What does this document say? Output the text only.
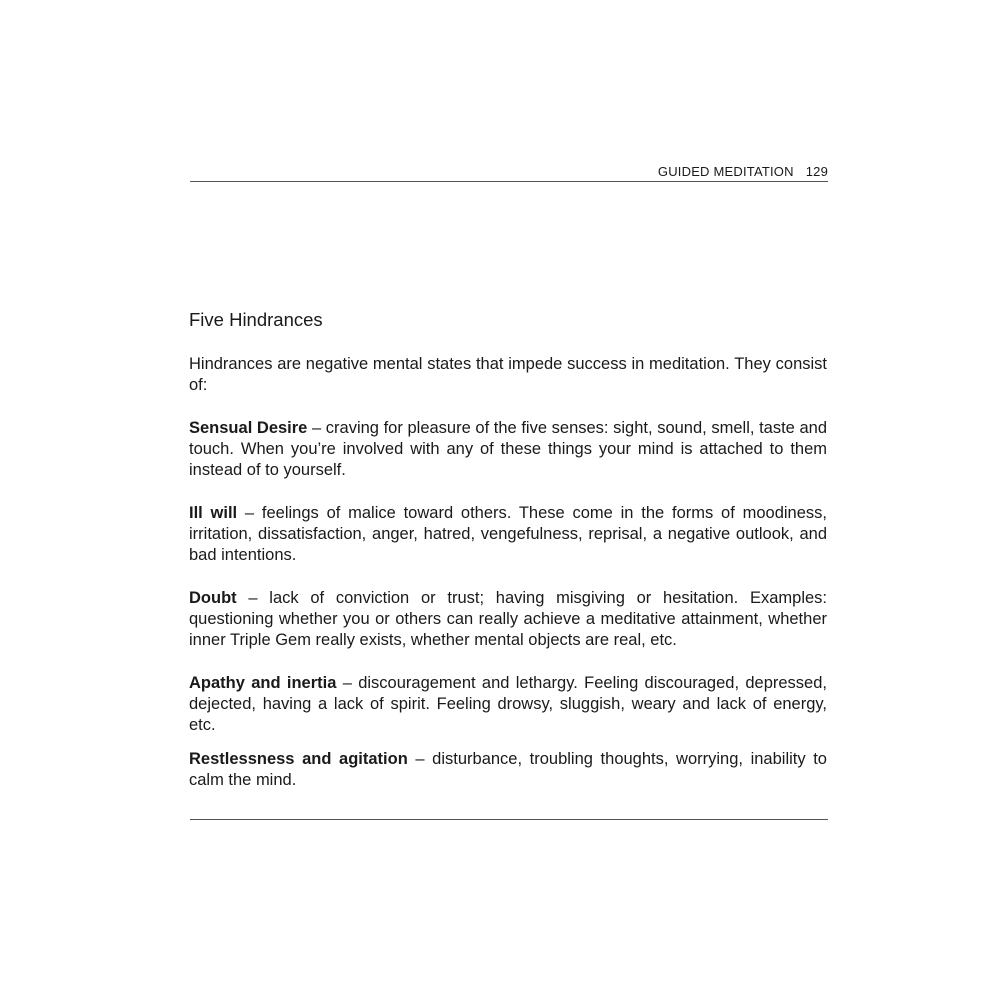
GUIDED MEDITATION 129
Five Hindrances

Hindrances are negative mental states that impede success in meditation. They consist of:

Sensual Desire – craving for pleasure of the five senses: sight, sound, smell, taste and touch. When you’re involved with any of these things your mind is attached to them instead of to yourself.

Ill will – feelings of malice toward others. These come in the forms of moodiness, irritation, dissatisfaction, anger, hatred, vengefulness, reprisal, a negative outlook, and bad intentions.

Doubt – lack of conviction or trust; having misgiving or hesitation. Examples: questioning whether you or others can really achieve a meditative attainment, whether inner Triple Gem really exists, whether mental objects are real, etc.

Apathy and inertia – discouragement and lethargy. Feeling discouraged, depressed, dejected, having a lack of spirit. Feeling drowsy, sluggish, weary and lack of energy, etc.

Restlessness and agitation – disturbance, troubling thoughts, worrying, inability to calm the mind.
